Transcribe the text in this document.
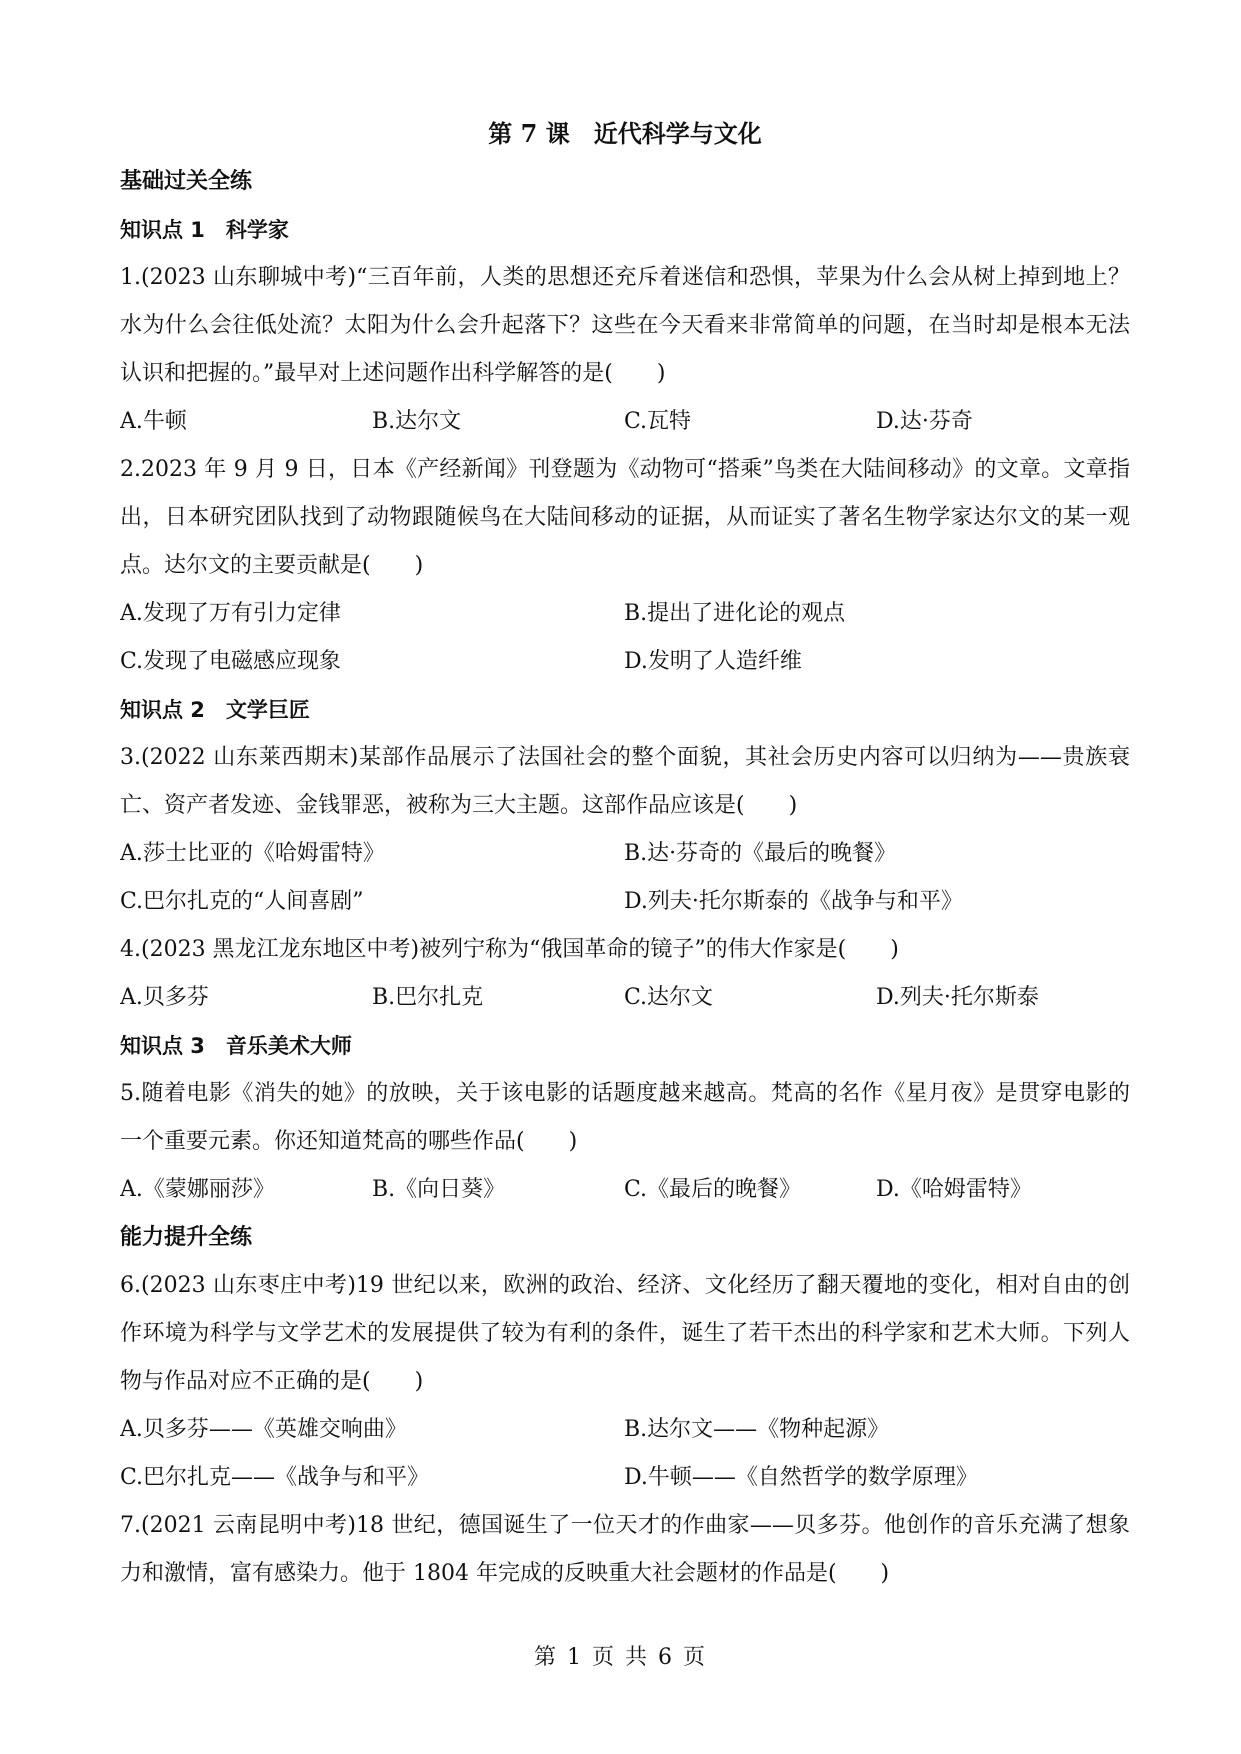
第 7 课　近代科学与文化
基础过关全练
知识点 1　科学家
1.(2023 山东聊城中考)“三百年前，人类的思想还充斥着迷信和恐惧，苹果为什么会从树上掉到地上？水为什么会往低处流？太阳为什么会升起落下？这些在今天看来非常简单的问题，在当时却是根本无法认识和把握的。”最早对上述问题作出科学解答的是(　　)
A.牛顿	B.达尔文	C.瓦特	D.达·芬奇
2.2023 年 9 月 9 日，日本《产经新闻》刊登题为《动物可“搭乘”鸟类在大陆间移动》的文章。文章指出，日本研究团队找到了动物跟随候鸟在大陆间移动的证据，从而证实了著名生物学家达尔文的某一观点。达尔文的主要贡献是(　　)
A.发现了万有引力定律	B.提出了进化论的观点
C.发现了电磁感应现象	D.发明了人造纤维
知识点 2　文学巨匠
3.(2022 山东莱西期末)某部作品展示了法国社会的整个面貌，其社会历史内容可以归纳为——贵族衰亡、资产者发迹、金钱罪恶，被称为三大主题。这部作品应该是(　　)
A.莎士比亚的《哈姆雷特》	B.达·芬奇的《最后的晚餐》
C.巴尔扎克的“人间喜剧”	D.列夫·托尔斯泰的《战争与和平》
4.(2023 黑龙江龙东地区中考)被列宁称为“俄国革命的镜子”的伟大作家是(　　)
A.贝多芬	B.巴尔扎克	C.达尔文	D.列夫·托尔斯泰
知识点 3　音乐美术大师
5.随着电影《消失的她》的放映，关于该电影的话题度越来越高。梵高的名作《星月夜》是贯穿电影的一个重要元素。你还知道梵高的哪些作品(　　)
A.《蒙娜丽莎》	B.《向日葵》	C.《最后的晚餐》	D.《哈姆雷特》
能力提升全练
6.(2023 山东枣庄中考)19 世纪以来，欧洲的政治、经济、文化经历了翻天覆地的变化，相对自由的创作环境为科学与文学艺术的发展提供了较为有利的条件，诞生了若干杰出的科学家和艺术大师。下列人物与作品对应不正确的是(　　)
A.贝多芬——《英雄交响曲》	B.达尔文——《物种起源》
C.巴尔扎克——《战争与和平》	D.牛顿——《自然哲学的数学原理》
7.(2021 云南昆明中考)18 世纪，德国诞生了一位天才的作曲家——贝多芬。他创作的音乐充满了想象力和激情，富有感染力。他于 1804 年完成的反映重大社会题材的作品是(　　)
第 1 页 共 6 页
